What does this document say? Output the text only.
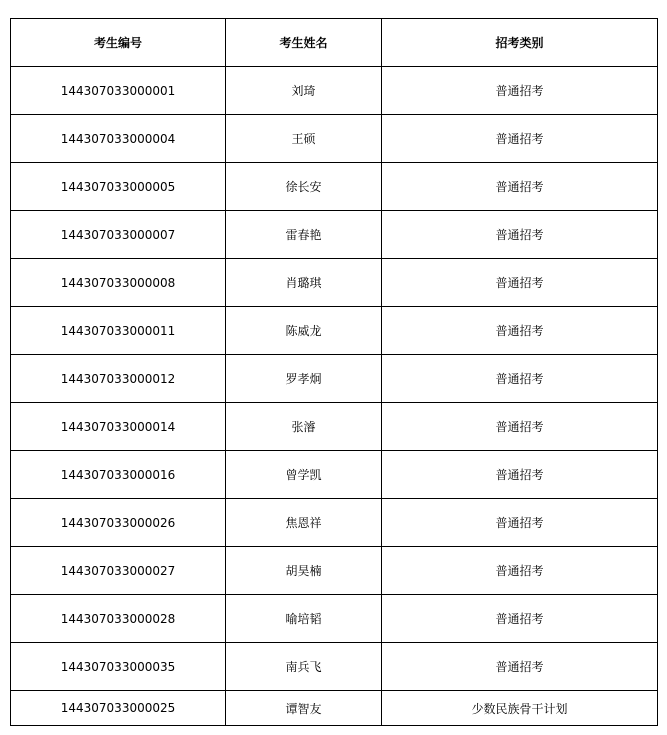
考生编号	考生姓名	招考类别
144307033000001	刘琦	普通招考
144307033000004	王硕	普通招考
144307033000005	徐长安	普通招考
144307033000007	雷春艳	普通招考
144307033000008	肖璐琪	普通招考
144307033000011	陈威龙	普通招考
144307033000012	罗孝炯	普通招考
144307033000014	张濬	普通招考
144307033000016	曾学凯	普通招考
144307033000026	焦恩祥	普通招考
144307033000027	胡昊楠	普通招考
144307033000028	喻培韬	普通招考
144307033000035	南兵飞	普通招考
144307033000025	谭智友	少数民族骨干计划
